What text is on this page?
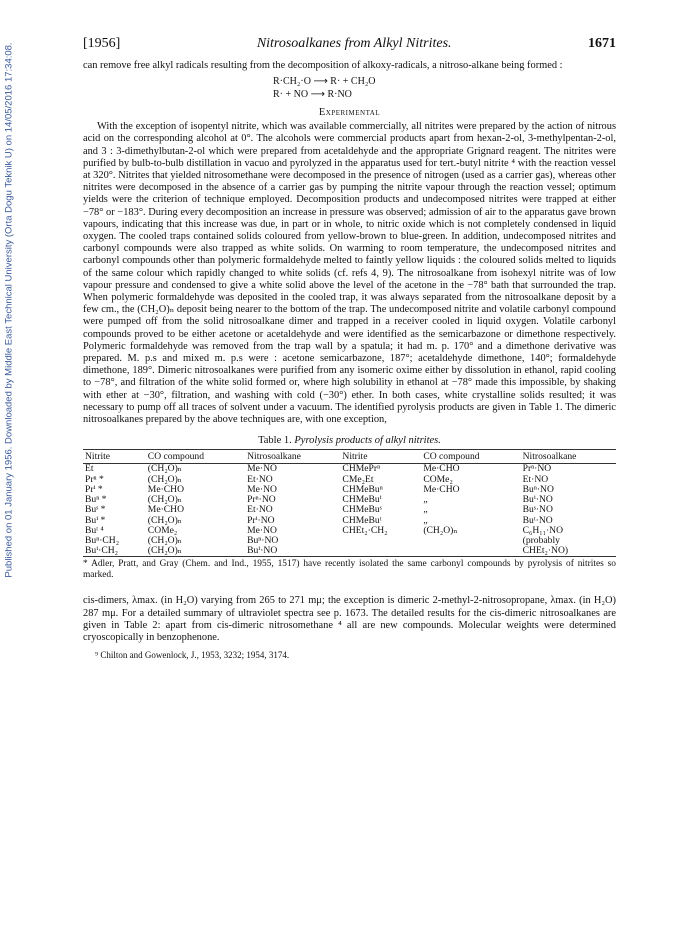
Published on 01 January 1956. Downloaded by Middle East Technical University (Orta Dogu Teknik U) on 14/05/2016 17:34:08.	[1956]	Nitrosoalkanes from Alkyl Nitrites.	1671

can remove free alkyl radicals resulting from the decomposition of alkoxy-radicals, a nitroso-alkane being formed :

R·CH₂·O ⟶ R· + CH₂O
R· + NO ⟶ R·NO
Experimental

With the exception of isopentyl nitrite, which was available commercially, all nitrites were prepared by the action of nitrous acid on the corresponding alcohol at 0°. The alcohols were commercial products apart from hexan-2-ol, 3-methylpentan-2-ol, and 3 : 3-dimethylbutan-2-ol which were prepared from acetaldehyde and the appropriate Grignard reagent. The nitrites were purified by bulb-to-bulb distillation in vacuo and pyrolyzed in the apparatus used for tert.-butyl nitrite ⁴ with the reaction vessel at 320°. Nitrites that yielded nitrosomethane were decomposed in the presence of nitrogen (used as a carrier gas), whereas other nitrites were decomposed in the absence of a carrier gas by pumping the nitrite vapour through the reaction vessel; optimum yields were the criterion of technique employed. Decomposition products and undecomposed nitrites were trapped at either −78° or −183°. During every decomposition an increase in pressure was observed; admission of air to the apparatus gave brown vapours, indicating that this increase was due, in part or in whole, to nitric oxide which is not completely condensed in liquid oxygen. The cooled traps contained solids coloured from yellow-brown to blue-green. In addition, undecomposed nitrites and carbonyl compounds were also trapped as white solids. On warming to room temperature, the undecomposed nitrites and carbonyl compounds other than polymeric formaldehyde melted to faintly yellow liquids : the coloured solids melted to liquids of the same colour which rapidly changed to white solids (cf. refs 4, 9). The nitrosoalkane from isohexyl nitrite was of low vapour pressure and condensed to give a white solid above the level of the acetone in the −78° bath that surrounded the trap. When polymeric formaldehyde was deposited in the cooled trap, it was always separated from the nitrosoalkane deposit by a few cm., the (CH₂O)ₙ deposit being nearer to the bottom of the trap. The undecomposed nitrite and volatile carbonyl compound were pumped off from the solid nitrosoalkane dimer and trapped in a receiver cooled in liquid oxygen. Volatile carbonyl compounds proved to be either acetone or acetaldehyde and were identified as the semicarbazone or dimethone respectively. Polymeric formaldehyde was removed from the trap wall by a spatula; it had m. p. 170° and a dimethone derivative was prepared. M. p.s and mixed m. p.s were : acetone semicarbazone, 187°; acetaldehyde dimethone, 140°; formaldehyde dimethone, 189°. Dimeric nitrosoalkanes were purified from any isomeric oxime either by dissolution in ethanol, rapid cooling to −78°, and filtration of the white solid formed or, where high solubility in ethanol at −78° made this impossible, by shaking with ether at −30°, filtration, and washing with cold (−30°) ether. In both cases, white crystalline solids resulted; it was necessary to pump off all traces of solvent under a vacuum. The identified pyrolysis products are given in Table 1. The dimeric nitrosoalkanes prepared by the above techniques are, with one exception,

Table 1. Pyrolysis products of alkyl nitrites.
Nitrite	CO compound	Nitrosoalkane	Nitrite	CO compound	Nitrosoalkane
Et	(CH₂O)ₙ	Me·NO	CHMePrⁿ	Me·CHO	Prⁿ·NO
Prⁿ *	(CH₂O)ₙ	Et·NO	CMe₂Et	COMe₂	Et·NO
Prⁱ *	Me·CHO	Me·NO	CHMeBuⁿ	Me·CHO	Buⁿ·NO
Buⁿ *	(CH₂O)ₙ	Prⁿ·NO	CHMeBuⁱ	„	Buⁱ·NO
Buˢ *	Me·CHO	Et·NO	CHMeBuˢ	„	Buˢ·NO
Buⁱ *	(CH₂O)ₙ	Prⁱ·NO	CHMeBuᵗ	„	Buᵗ·NO
Buᵗ ⁴	COMe₂	Me·NO	CHEt₂·CH₂	(CH₂O)ₙ	C₆H₁₁·NO
Buⁿ·CH₂	(CH₂O)ₙ	Buⁿ·NO			(probably
Buⁱ·CH₂	(CH₂O)ₙ	Buⁱ·NO			CHEt₂·NO)

* Adler, Pratt, and Gray (Chem. and Ind., 1955, 1517) have recently isolated the same carbonyl compounds by pyrolysis of nitrites so marked.

cis-dimers, λmax. (in H₂O) varying from 265 to 271 mμ; the exception is dimeric 2-methyl-2-nitrosopropane, λmax. (in H₂O) 287 mμ. For a detailed summary of ultraviolet spectra see p. 1673. The detailed results for the cis-dimeric nitrosoalkanes are given in Table 2: apart from cis-dimeric nitrosomethane ⁴ all are new compounds. Molecular weights were determined cryoscopically in benzophenone.

⁹ Chilton and Gowenlock, J., 1953, 3232; 1954, 3174.
